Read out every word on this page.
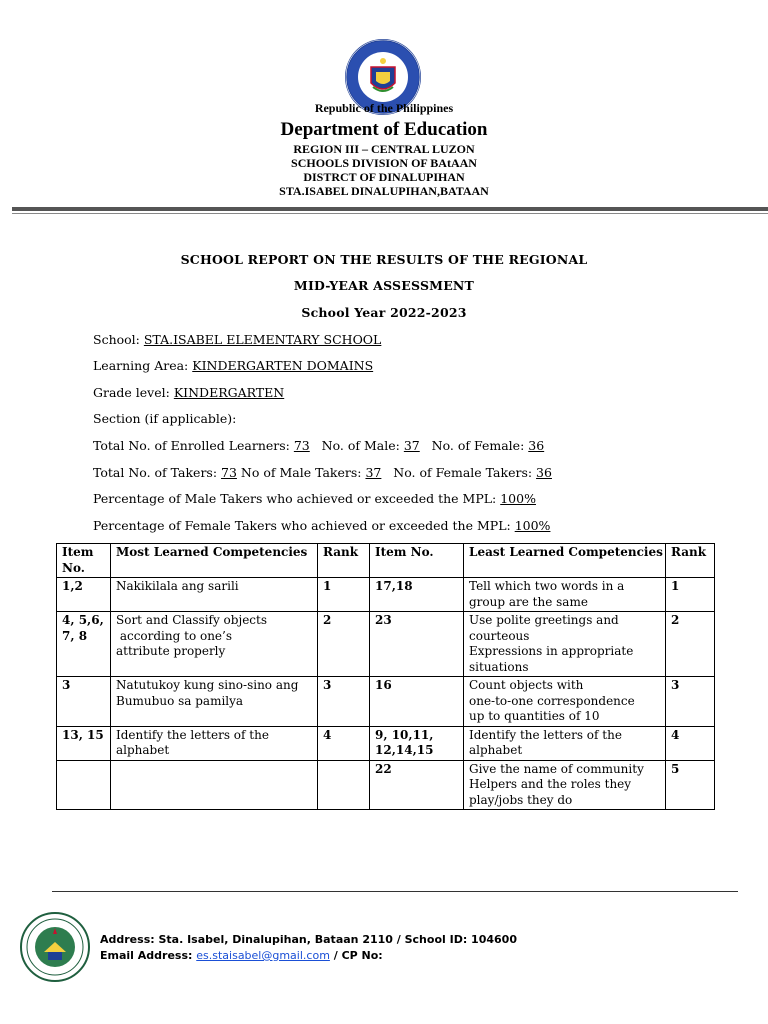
Republic of the Philippines
Department of Education
REGION III – CENTRAL LUZON
SCHOOLS DIVISION OF BAtAAN
DISTRCT OF DINALUPIHAN
STA.ISABEL DINALUPIHAN,BATAAN
SCHOOL REPORT ON THE RESULTS OF THE REGIONAL
MID-YEAR ASSESSMENT
School Year 2022-2023
School: STA.ISABEL ELEMENTARY SCHOOL
Learning Area: KINDERGARTEN DOMAINS
Grade level: KINDERGARTEN
Section (if applicable):
Total No. of Enrolled Learners: 73   No. of Male: 37   No. of Female: 36
Total No. of Takers: 73 No of Male Takers: 37   No. of Female Takers: 36
Percentage of Male Takers who achieved or exceeded the MPL: 100%
Percentage of Female Takers who achieved or exceeded the MPL: 100%
Item No.	Most Learned Competencies	Rank	Item No.	Least Learned Competencies	Rank
1,2	Nakikilala ang sarili	1	17,18	Tell which two words in a
group are the same	1
4, 5,6,
7, 8	Sort and Classify objects
according to one’s
attribute properly	2	23	Use polite greetings and
courteous
Expressions in appropriate
situations	2
3	Natutukoy kung sino-sino ang
Bumubuo sa pamilya	3	16	Count objects with
one-to-one correspondence
up to quantities of 10	3
13, 15	Identify the letters of the
alphabet	4	9, 10,11,
12,14,15	Identify the letters of the
alphabet	4
			22	Give the name of community
Helpers and the roles they
play/jobs they do	5
Address: Sta. Isabel, Dinalupihan, Bataan 2110 / School ID: 104600
Email Address: es.staisabel@gmail.com / CP No:
